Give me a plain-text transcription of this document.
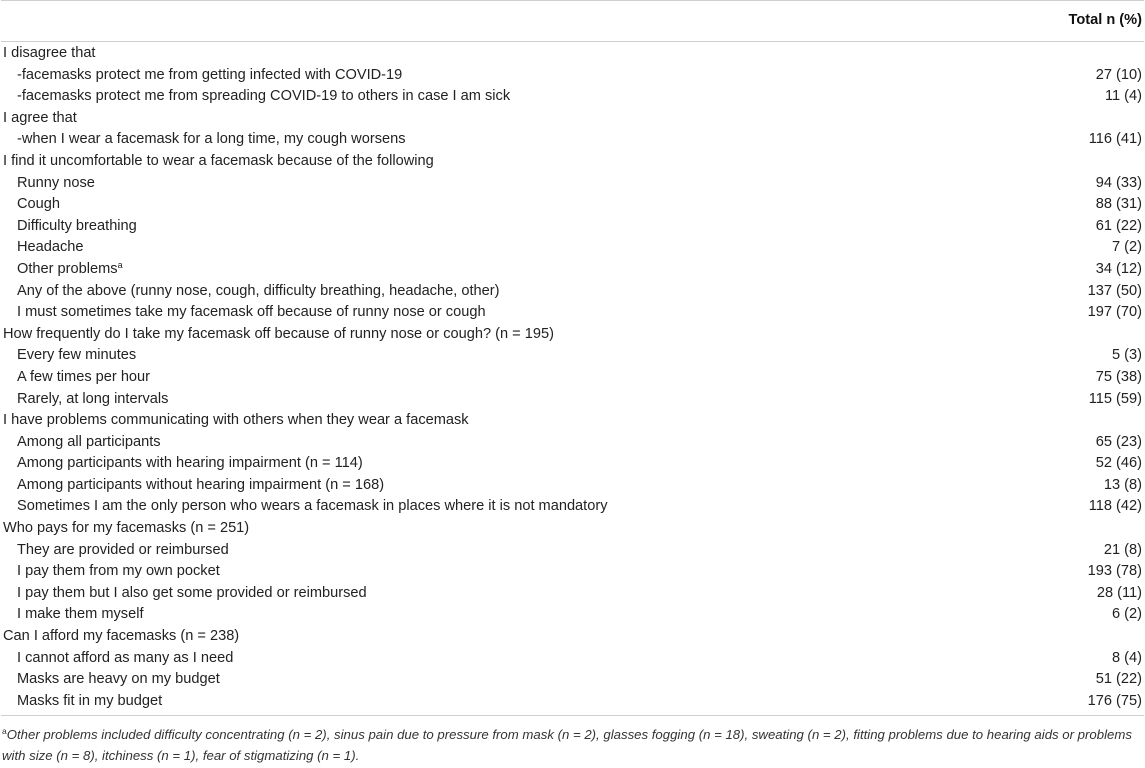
	Total n (%)
I disagree that	
-facemasks protect me from getting infected with COVID-19	27 (10)
-facemasks protect me from spreading COVID-19 to others in case I am sick	11 (4)
I agree that	
-when I wear a facemask for a long time, my cough worsens	116 (41)
I find it uncomfortable to wear a facemask because of the following	
Runny nose	94 (33)
Cough	88 (31)
Difficulty breathing	61 (22)
Headache	7 (2)
Other problems$^a$	34 (12)
Any of the above (runny nose, cough, difficulty breathing, headache, other)	137 (50)
I must sometimes take my facemask off because of runny nose or cough	197 (70)
How frequently do I take my facemask off because of runny nose or cough? (n = 195)	
Every few minutes	5 (3)
A few times per hour	75 (38)
Rarely, at long intervals	115 (59)
I have problems communicating with others when they wear a facemask	
Among all participants	65 (23)
Among participants with hearing impairment (n = 114)	52 (46)
Among participants without hearing impairment (n = 168)	13 (8)
Sometimes I am the only person who wears a facemask in places where it is not mandatory	118 (42)
Who pays for my facemasks (n = 251)	
They are provided or reimbursed	21 (8)
I pay them from my own pocket	193 (78)
I pay them but I also get some provided or reimbursed	28 (11)
I make them myself	6 (2)
Can I afford my facemasks (n = 238)	
I cannot afford as many as I need	8 (4)
Masks are heavy on my budget	51 (22)
Masks fit in my budget	176 (75)
$^a$Other problems included difficulty concentrating (n = 2), sinus pain due to pressure from mask (n = 2), glasses fogging (n = 18), sweating (n = 2), fitting problems due to hearing aids or problems with size (n = 8), itchiness (n = 1), fear of stigmatizing (n = 1).
